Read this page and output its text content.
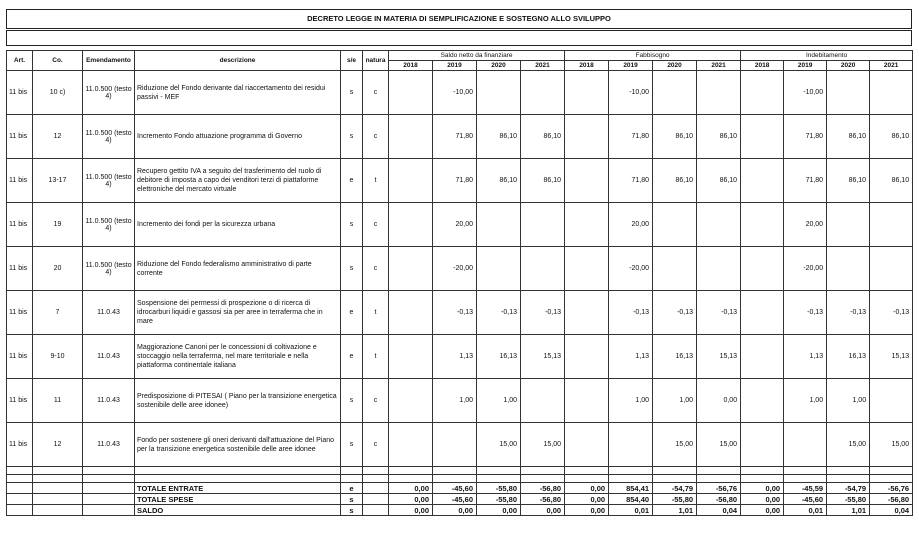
DECRETO LEGGE IN MATERIA DI SEMPLIFICAZIONE E SOSTEGNO ALLO SVILUPPO
Art.	Co.	Emendamento	descrizione	s/e	natura	Saldo netto da finanziare				Fabbisogno				Indebitamento			
						2018	2019	2020	2021	2018	2019	2020	2021	2018	2019	2020	2021
11 bis	10 c)	11.0.500 (testo 4)	Riduzione del Fondo derivante dal riaccertamento dei residui passivi - MEF	s	c		-10,00				-10,00				-10,00		
11 bis	12	11.0.500 (testo 4)	Incremento Fondo attuazione programma di Governo	s	c		71,80	86,10	86,10		71,80	86,10	86,10		71,80	86,10	86,10
11 bis	13-17	11.0.500 (testo 4)	Recupero gettito IVA a seguito del trasferimento del ruolo di debitore di imposta a capo dei venditori terzi di piattaforme elettroniche del mercato virtuale	e	t		71,80	86,10	86,10		71,80	86,10	86,10		71,80	86,10	86,10
11 bis	19	11.0.500 (testo 4)	Incremento dei fondi per la sicurezza urbana	s	c		20,00				20,00				20,00		
11 bis	20	11.0.500 (testo 4)	Riduzione del Fondo federalismo amministrativo di parte corrente	s	c		-20,00				-20,00				-20,00		
11 bis	7	11.0.43	Sospensione dei permessi di prospezione o di ricerca di idrocarburi liquidi e gassosi sia per aree in terraferma che in mare	e	t		-0,13	-0,13	-0,13		-0,13	-0,13	-0,13		-0,13	-0,13	-0,13
11 bis	9-10	11.0.43	Maggiorazione Canoni per le concessioni di coltivazione e stoccaggio nella terraferma, nel mare territoriale e nella piattaforma continentale italiana	e	t		1,13	16,13	15,13		1,13	16,13	15,13		1,13	16,13	15,13
11 bis	11	11.0.43	Predisposizione di PITESAI ( Piano per la transizione energetica sostenibile delle aree idonee)	s	c		1,00	1,00			1,00	1,00	0,00		1,00	1,00	
11 bis	12	11.0.43	Fondo per sostenere gli oneri derivanti dall'attuazione del Piano per la transizione energetica sostenibile delle aree idonee	s	c			15,00	15,00			15,00	15,00			15,00	15,00

			TOTALE ENTRATE	e		0,00	-45,60	-55,80	-56,80	0,00	854,41	-54,79	-56,76	0,00	-45,59	-54,79	-56,76
			TOTALE SPESE	s		0,00	-45,60	-55,80	-56,80	0,00	854,40	-55,80	-56,80	0,00	-45,60	-55,80	-56,80
			SALDO	s		0,00	0,00	0,00	0,00	0,00	0,01	1,01	0,04	0,00	0,01	1,01	0,04
